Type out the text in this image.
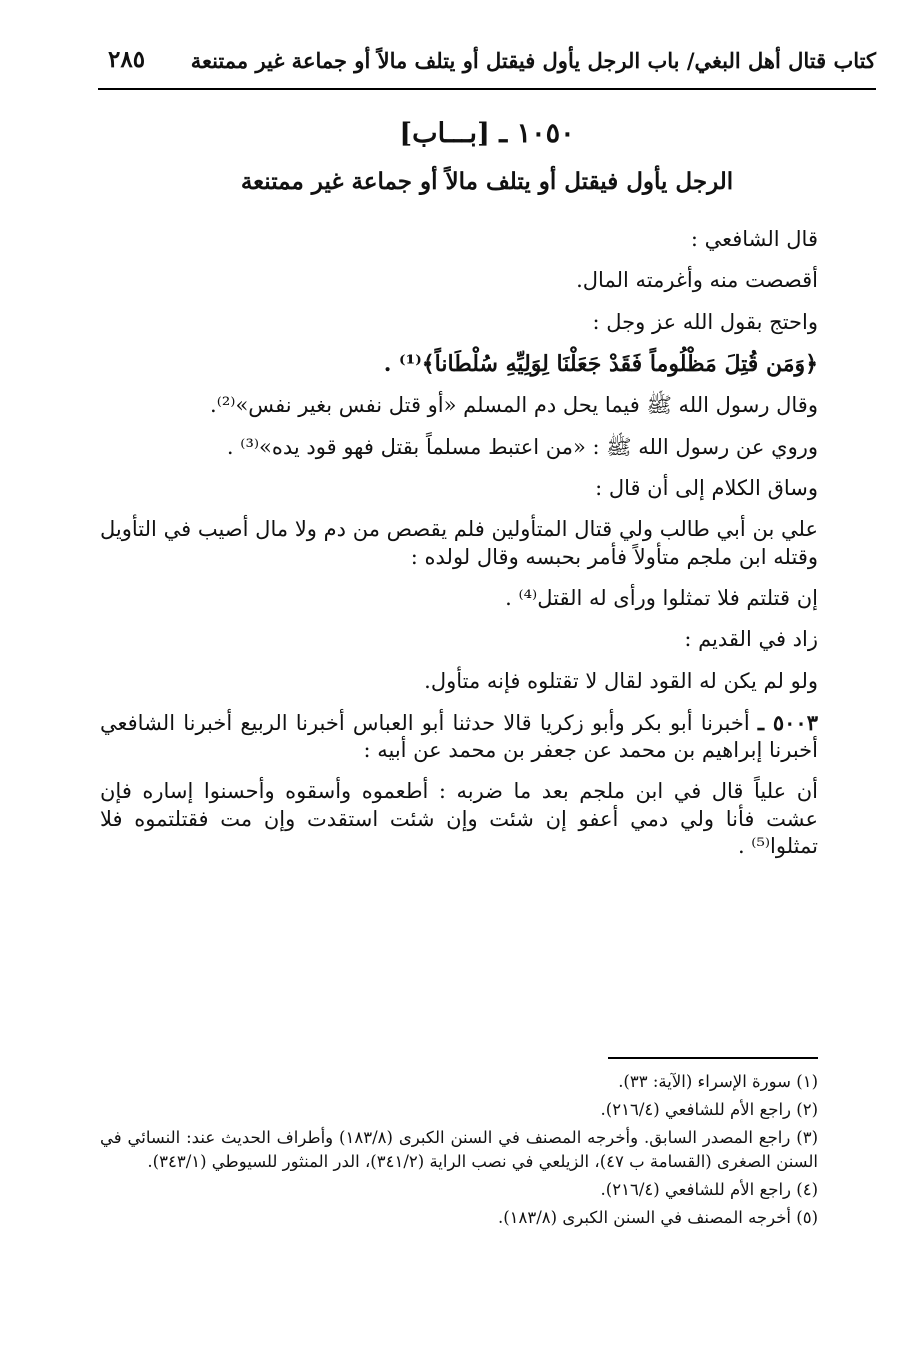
كتاب قتال أهل البغي/ باب الرجل يأول فيقتل أو يتلف مالاً أو جماعة غير ممتنعة
٢٨٥
١٠٥٠ ـ [بـــاب]
الرجل يأول فيقتل أو يتلف مالاً أو جماعة غير ممتنعة

قال الشافعي :

أقصصت منه وأغرمته المال.

واحتج بقول الله عز وجل :

﴿وَمَن قُتِلَ مَظْلُوماً فَقَدْ جَعَلْنَا لِوَلِيِّهِ سُلْطَاناً﴾⁽¹⁾ .

وقال رسول الله ﷺ فيما يحل دم المسلم «أو قتل نفس بغير نفس»⁽²⁾.

وروي عن رسول الله ﷺ : «من اعتبط مسلماً بقتل فهو قود يده»⁽³⁾ .

وساق الكلام إلى أن قال :

علي بن أبي طالب ولي قتال المتأولين فلم يقصص من دم ولا مال أصيب في التأويل وقتله ابن ملجم متأولاً فأمر بحبسه وقال لولده :

إن قتلتم فلا تمثلوا ورأى له القتل⁽⁴⁾ .

زاد في القديم :

ولو لم يكن له القود لقال لا تقتلوه فإنه متأول.

٥٠٠٣ ـ أخبرنا أبو بكر وأبو زكريا قالا حدثنا أبو العباس أخبرنا الربيع أخبرنا الشافعي أخبرنا إبراهيم بن محمد عن جعفر بن محمد عن أبيه :

أن علياً قال في ابن ملجم بعد ما ضربه : أطعموه وأسقوه وأحسنوا إساره فإن عشت فأنا ولي دمي أعفو إن شئت وإن شئت استقدت وإن مت فقتلتموه فلا تمثلوا⁽⁵⁾ .

(١) سورة الإسراء (الآية: ٣٣).

(٢) راجع الأم للشافعي (٢١٦/٤).

(٣) راجع المصدر السابق. وأخرجه المصنف في السنن الكبرى (١٨٣/٨) وأطراف الحديث عند: النسائي في السنن الصغرى (القسامة ب ٤٧)، الزيلعي في نصب الراية (٣٤١/٢)، الدر المنثور للسيوطي (٣٤٣/١).

(٤) راجع الأم للشافعي (٢١٦/٤).

(٥) أخرجه المصنف في السنن الكبرى (١٨٣/٨).
